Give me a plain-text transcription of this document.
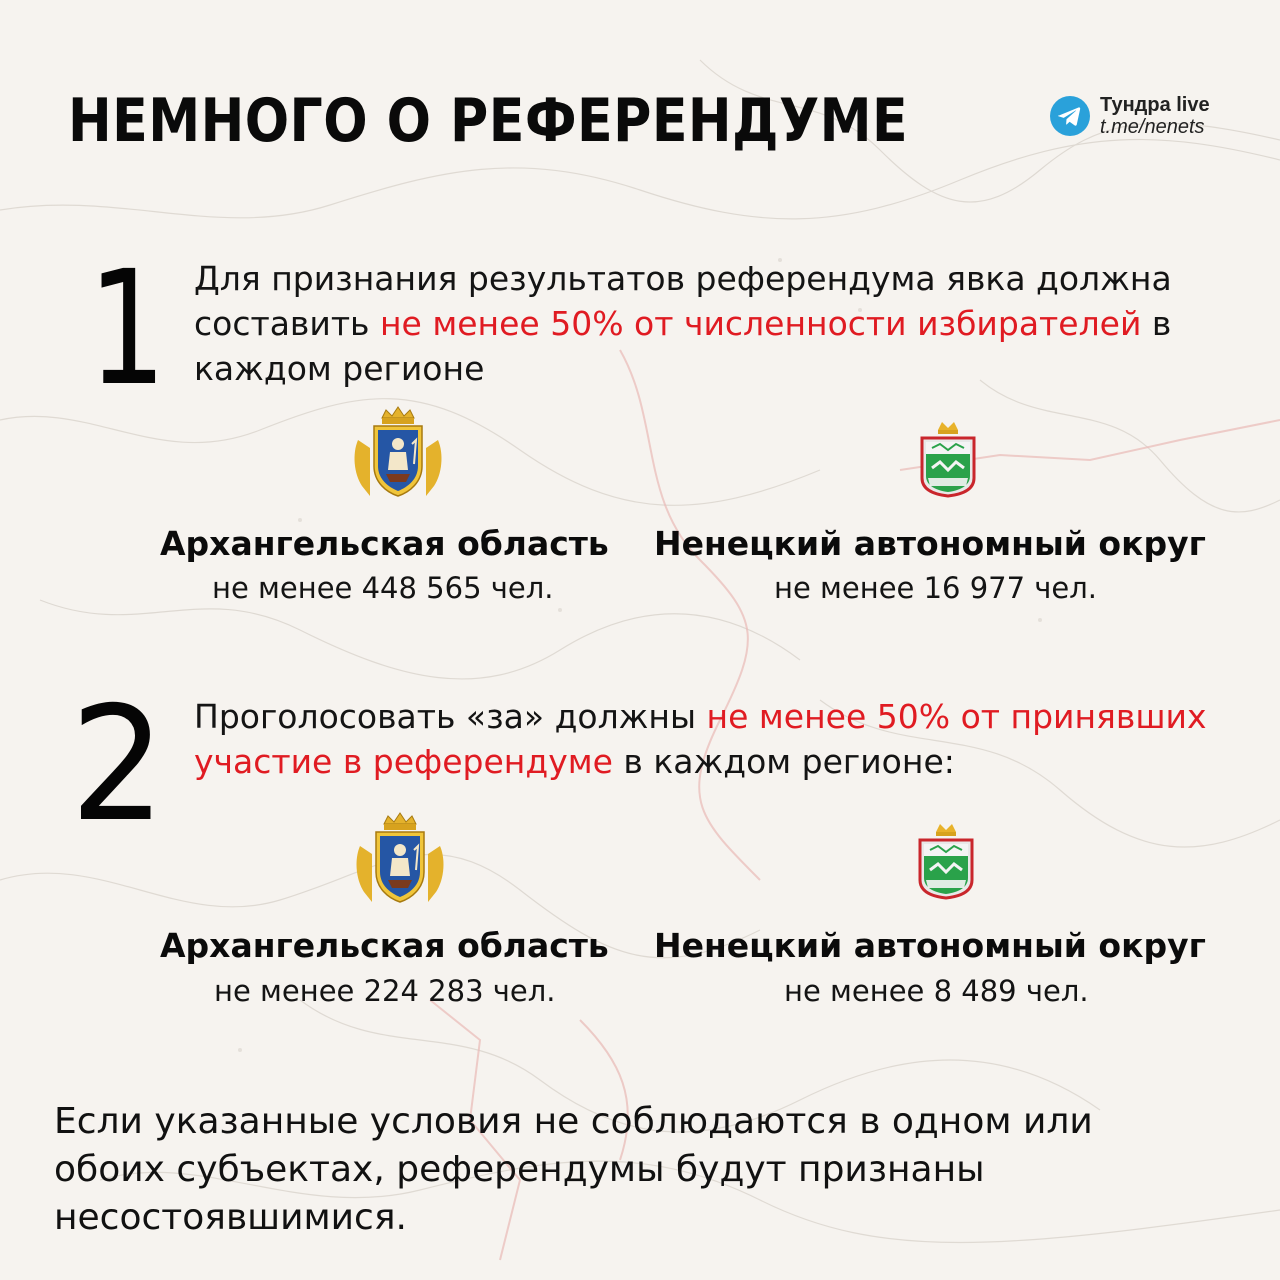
НЕМНОГО О РЕФЕРЕНДУМЕ	Тундра live
t.me/nenets

1 Для признания результатов референдума явка должна составить не менее 50% от численности избирателей в каждом регионе

Архангельская область

не менее 448 565 чел.

Ненецкий автономный округ

не менее 16 977 чел.

2 Проголосовать «за» должны не менее 50% от принявших участие в референдуме в каждом регионе:

Архангельская область

не менее 224 283 чел.

Ненецкий автономный округ

не менее 8 489 чел.

Если указанные условия не соблюдаются в одном или обоих субъектах, референдумы будут признаны несостоявшимися.
